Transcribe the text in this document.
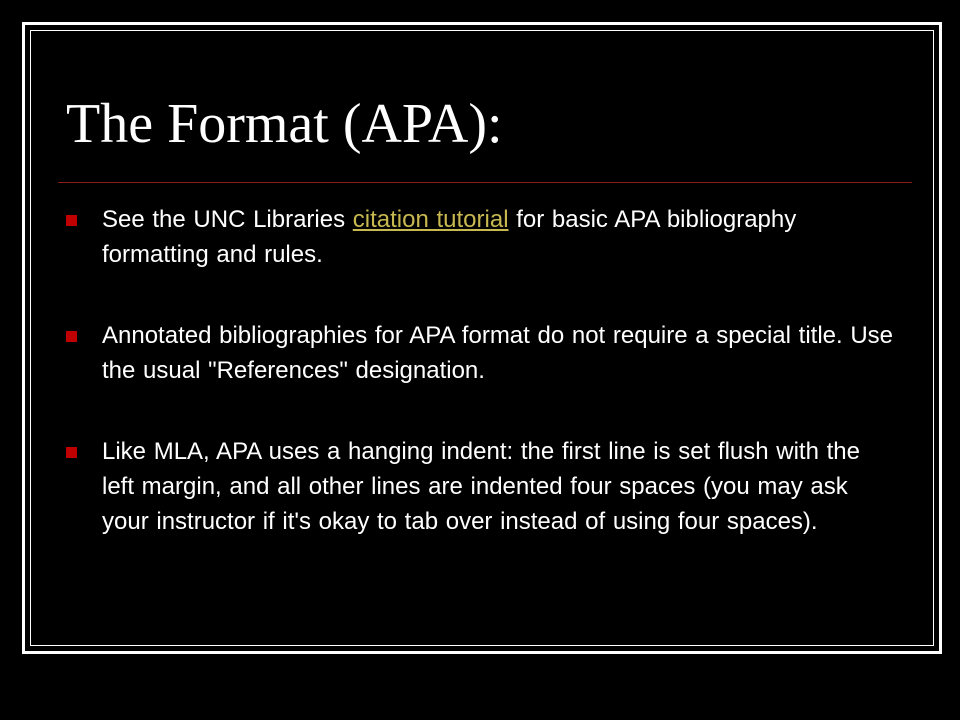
The Format (APA):
See the UNC Libraries citation tutorial for basic APA bibliography formatting and rules.
Annotated bibliographies for APA format do not require a special title. Use the usual "References" designation.
Like MLA, APA uses a hanging indent: the first line is set flush with the left margin, and all other lines are indented four spaces (you may ask your instructor if it's okay to tab over instead of using four spaces).
